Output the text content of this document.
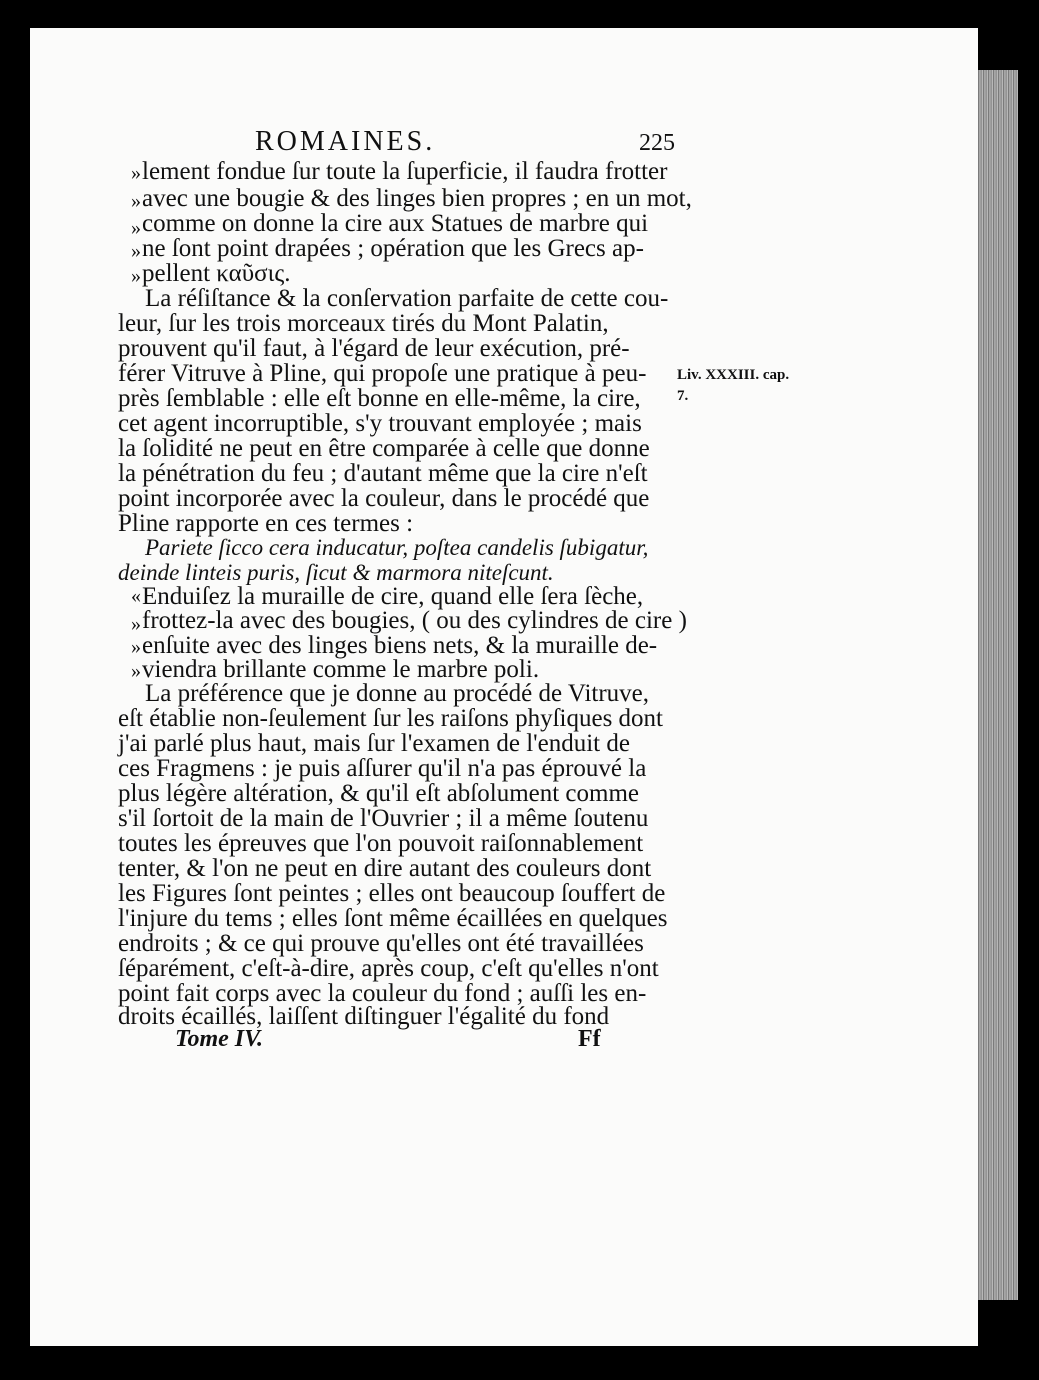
ROMAINES.	225
»
»
»
»
»
«
»
»
»
lement fondue ſur toute la ſuperficie, il faudra frotter
avec une bougie & des linges bien propres ; en un mot,
comme on donne la cire aux Statues de marbre qui
ne ſont point drapées ; opération que les Grecs ap-
pellent καῦσις.
La réſiſtance & la conſervation parfaite de cette cou-
leur, ſur les trois morceaux tirés du Mont Palatin,
prouvent qu'il faut, à l'égard de leur exécution, pré-
férer Vitruve à Pline, qui propoſe une pratique à peu-
près ſemblable : elle eſt bonne en elle-même, la cire,
cet agent incorruptible, s'y trouvant employée ; mais
la ſolidité ne peut en être comparée à celle que donne
la pénétration du feu ; d'autant même que la cire n'eſt
point incorporée avec la couleur, dans le procédé que
Pline rapporte en ces termes :
Pariete ſicco cera inducatur, poſtea candelis ſubigatur,
deinde linteis puris, ſicut & marmora niteſcunt.
Enduiſez la muraille de cire, quand elle ſera ſèche,
frottez-la avec des bougies, ( ou des cylindres de cire )
enſuite avec des linges biens nets, & la muraille de-
viendra brillante comme le marbre poli.
La préférence que je donne au procédé de Vitruve,
eſt établie non-ſeulement ſur les raiſons phyſiques dont
j'ai parlé plus haut, mais ſur l'examen de l'enduit de
ces Fragmens : je puis aſſurer qu'il n'a pas éprouvé la
plus légère altération, & qu'il eſt abſolument comme
s'il ſortoit de la main de l'Ouvrier ; il a même ſoutenu
toutes les épreuves que l'on pouvoit raiſonnablement
tenter, & l'on ne peut en dire autant des couleurs dont
les Figures ſont peintes ; elles ont beaucoup ſouffert de
l'injure du tems ; elles ſont même écaillées en quelques
endroits ; & ce qui prouve qu'elles ont été travaillées
ſéparément, c'eſt-à-dire, après coup, c'eſt qu'elles n'ont
point fait corps avec la couleur du fond ; auſſi les en-
droits écaillés, laiſſent diſtinguer l'égalité du fond
Liv. XXXIII. cap.
7.
Tome IV.	Ff
